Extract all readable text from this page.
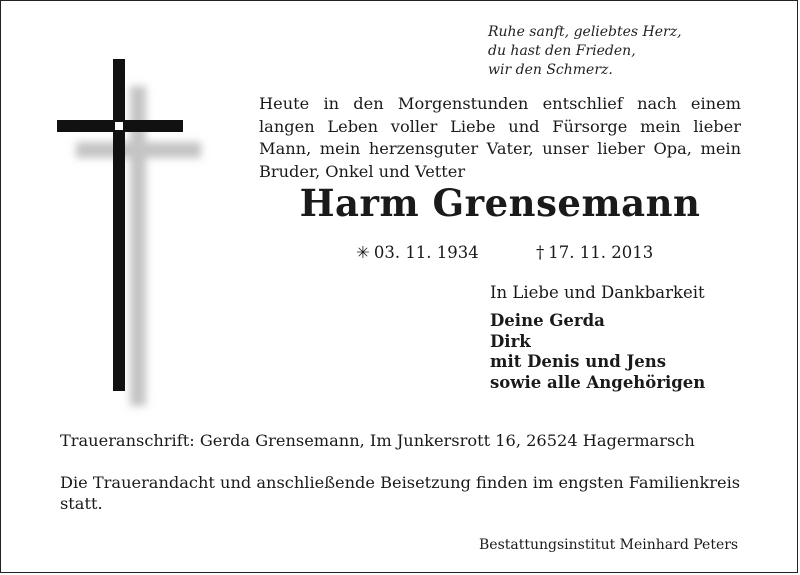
Ruhe sanft, geliebtes Herz,
du hast den Frieden,
wir den Schmerz.
Heute in den Morgenstunden entschlief nach einem langen Leben voller Liebe und Fürsorge mein lieber Mann, mein herzensguter Vater, unser lieber Opa, mein Bruder, Onkel und Vetter
Harm Grensemann
✳ 03. 11. 1934	† 17. 11. 2013
In Liebe und Dankbarkeit
Deine Gerda
Dirk
mit Denis und Jens
sowie alle Angehörigen
Traueranschrift: Gerda Grensemann, Im Junkersrott 16, 26524 Hagermarsch
Die Trauerandacht und anschließende Beisetzung finden im engsten Familienkreis statt.
Bestattungsinstitut Meinhard Peters
